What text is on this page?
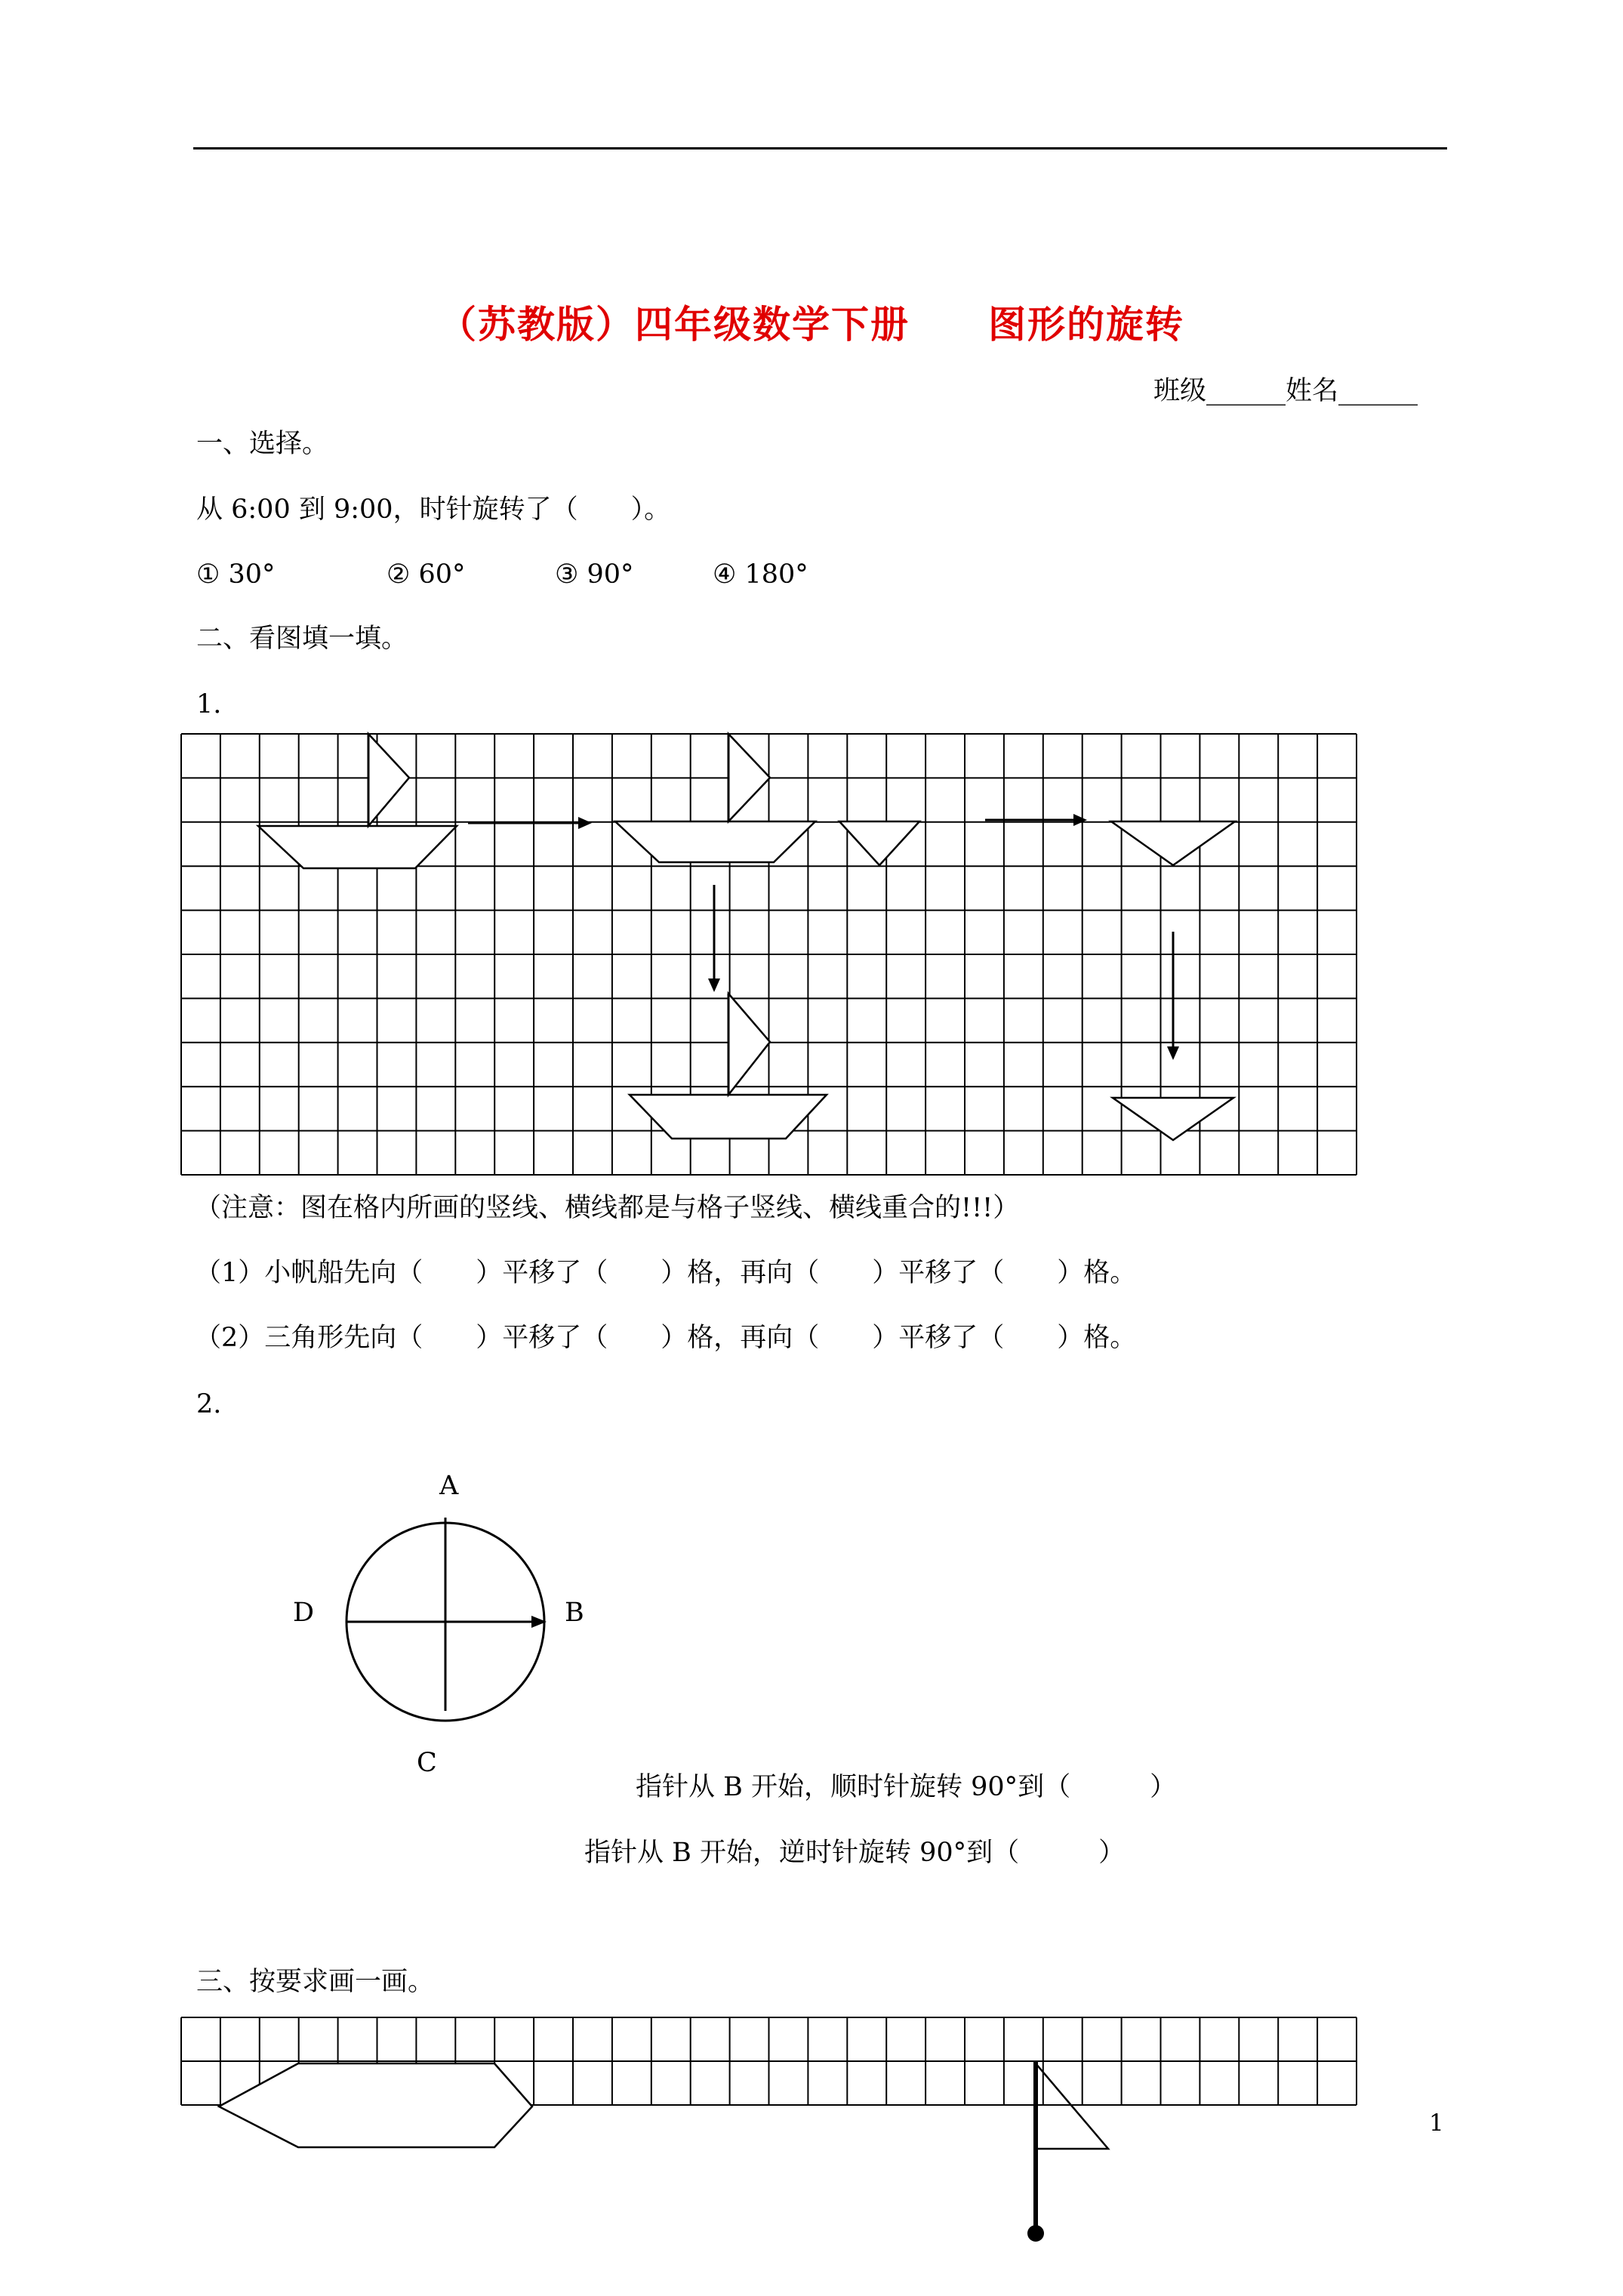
（苏教版）四年级数学下册　　图形的旋转
班级______姓名______
一、选择。
从 6:00 到 9:00，时针旋转了（　　）。
① 30°	② 60°	③ 90°	④ 180°
二、看图填一填。
1.
A
B
C
D
（注意：图在格内所画的竖线、横线都是与格子竖线、横线重合的!!!）
（1）小帆船先向（　　）平移了（　　）格，再向（　　）平移了（　　）格。
（2）三角形先向（　　）平移了（　　）格，再向（　　）平移了（　　）格。
2.
指针从 B 开始，顺时针旋转 90°到（　　　）
指针从 B 开始，逆时针旋转 90°到（　　　）
三、按要求画一画。
1
